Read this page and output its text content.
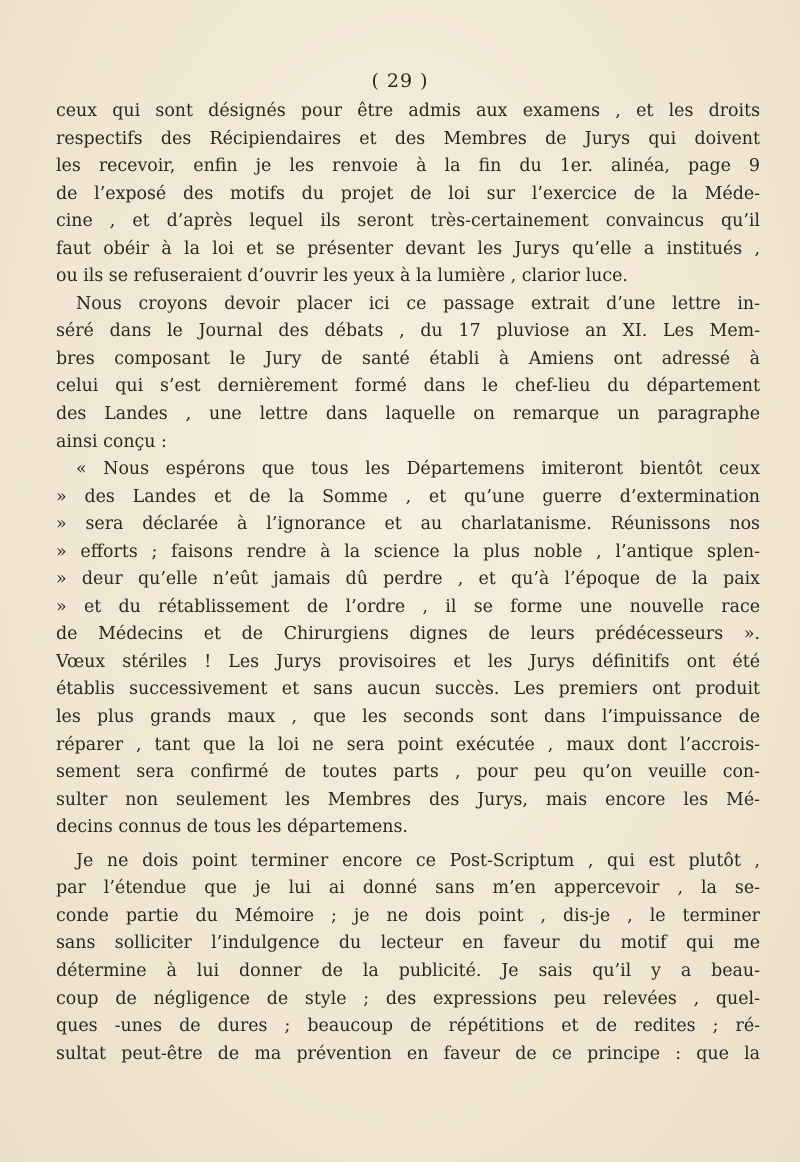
( 29 )
ceux qui sont désignés pour être admis aux examens , et les droits
respectifs des Récipiendaires et des Membres de Jurys qui doivent
les recevoir, enfin je les renvoie à la fin du 1er. alinéa, page 9
de l’exposé des motifs du projet de loi sur l’exercice de la Méde-
cine , et d’après lequel ils seront très-certainement convaincus qu’il
faut obéir à la loi et se présenter devant les Jurys qu’elle a institués ,
ou ils se refuseraient d’ouvrir les yeux à la lumière , clarior luce.
Nous croyons devoir placer ici ce passage extrait d’une lettre in-
séré dans le Journal des débats , du 17 pluviose an XI. Les Mem-
bres composant le Jury de santé établi à Amiens ont adressé à
celui qui s’est dernièrement formé dans le chef-lieu du département
des Landes , une lettre dans laquelle on remarque un paragraphe
ainsi conçu :
« Nous espérons que tous les Départemens imiteront bientôt ceux
» des Landes et de la Somme , et qu’une guerre d’extermination
» sera déclarée à l’ignorance et au charlatanisme. Réunissons nos
» efforts ; faisons rendre à la science la plus noble , l’antique splen-
» deur qu’elle n’eût jamais dû perdre , et qu’à l’époque de la paix
» et du rétablissement de l’ordre , il se forme une nouvelle race
de Médecins et de Chirurgiens dignes de leurs prédécesseurs ».
Vœux stériles ! Les Jurys provisoires et les Jurys définitifs ont été
établis successivement et sans aucun succès. Les premiers ont produit
les plus grands maux , que les seconds sont dans l’impuissance de
réparer , tant que la loi ne sera point exécutée , maux dont l’accrois-
sement sera confirmé de toutes parts , pour peu qu’on veuille con-
sulter non seulement les Membres des Jurys, mais encore les Mé-
decins connus de tous les départemens.
Je ne dois point terminer encore ce Post-Scriptum , qui est plutôt ,
par l’étendue que je lui ai donné sans m’en appercevoir , la se-
conde partie du Mémoire ; je ne dois point , dis-je , le terminer
sans solliciter l’indulgence du lecteur en faveur du motif qui me
détermine à lui donner de la publicité. Je sais qu’il y a beau-
coup de négligence de style ; des expressions peu relevées , quel-
ques -unes de dures ; beaucoup de répétitions et de redites ; ré-
sultat peut-être de ma prévention en faveur de ce principe : que la
